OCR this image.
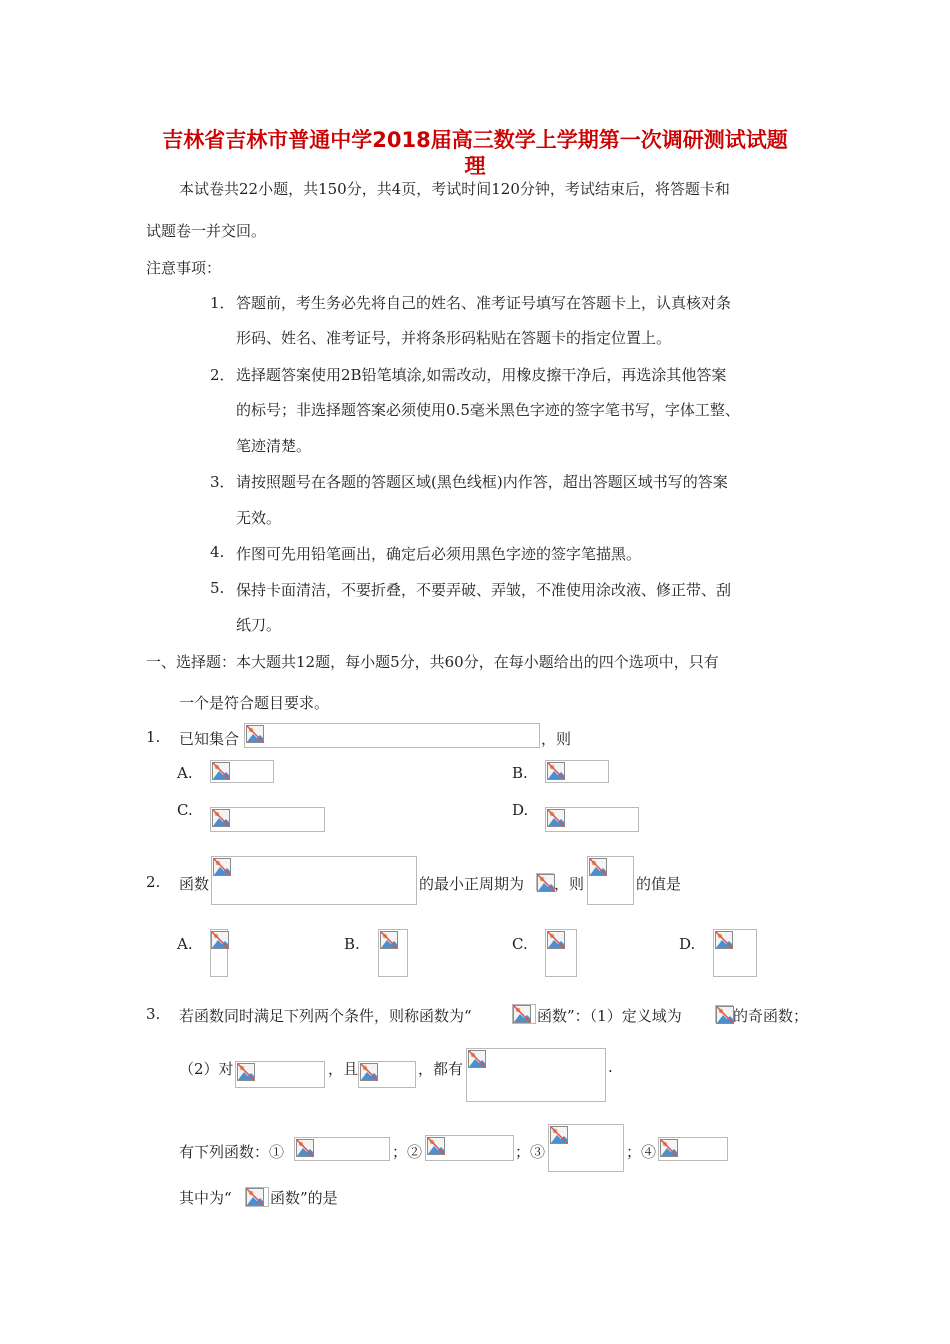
吉林省吉林市普通中学2018届高三数学上学期第一次调研测试试题
理
本试卷共22小题，共150分，共4页，考试时间120分钟，考试结束后，将答题卡和
试题卷一并交回。
注意事项：
1． 答题前，考生务必先将自己的姓名、准考证号填写在答题卡上，认真核对条
形码、姓名、准考证号，并将条形码粘贴在答题卡的指定位置上。
2． 选择题答案使用2B铅笔填涂,如需改动，用橡皮擦干净后，再选涂其他答案
的标号；非选择题答案必须使用0.5毫米黑色字迹的签字笔书写，字体工整、
笔迹清楚。
3． 请按照题号在各题的答题区域(黑色线框)内作答，超出答题区域书写的答案
无效。
4. 作图可先用铅笔画出，确定后必须用黑色字迹的签字笔描黑。
5. 保持卡面清洁，不要折叠，不要弄破、弄皱，不准使用涂改液、修正带、刮
纸刀。
一、选择题：本大题共12题，每小题5分，共60分，在每小题给出的四个选项中，只有
一个是符合题目要求。
1. 已知集合	，则
A.	B.
C.	D.
2. 函数	的最小正周期为 ，则	的值是
A.	B.	C.	D.
3. 若函数同时满足下列两个条件，则称函数为“	函数”：（1）定义域为	的奇函数；
（2）对	，且	，都有	.
有下列函数：①	；②	；③	；④
其中为“	函数”的是
